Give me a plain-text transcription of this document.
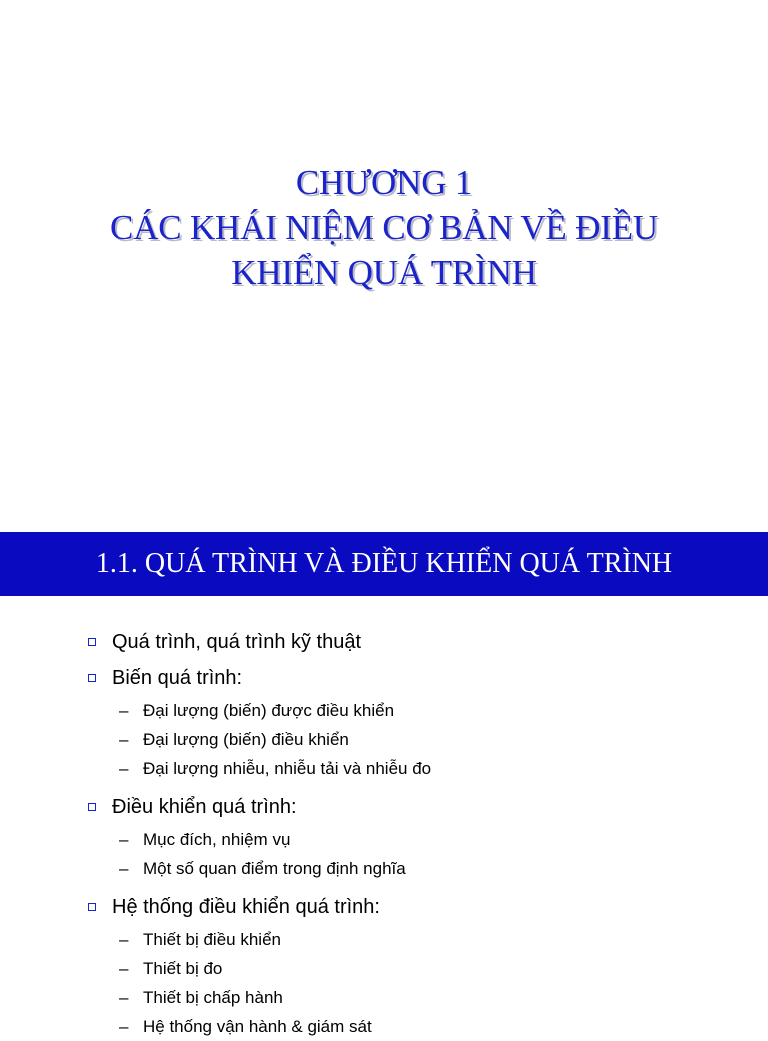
CHƯƠNG 1
CÁC KHÁI NIỆM CƠ BẢN VỀ ĐIỀU
KHIỂN QUÁ TRÌNH
1.1. QUÁ TRÌNH VÀ ĐIỀU KHIỂN QUÁ TRÌNH
Quá trình, quá trình kỹ thuật
Biến quá trình:
– Đại lượng (biến) được điều khiển
– Đại lượng (biến) điều khiển
– Đại lượng nhiễu, nhiễu tải và nhiễu đo
Điều khiển quá trình:
– Mục đích, nhiệm vụ
– Một số quan điểm trong định nghĩa
Hệ thống điều khiển quá trình:
– Thiết bị điều khiển
– Thiết bị đo
– Thiết bị chấp hành
– Hệ thống vận hành & giám sát
